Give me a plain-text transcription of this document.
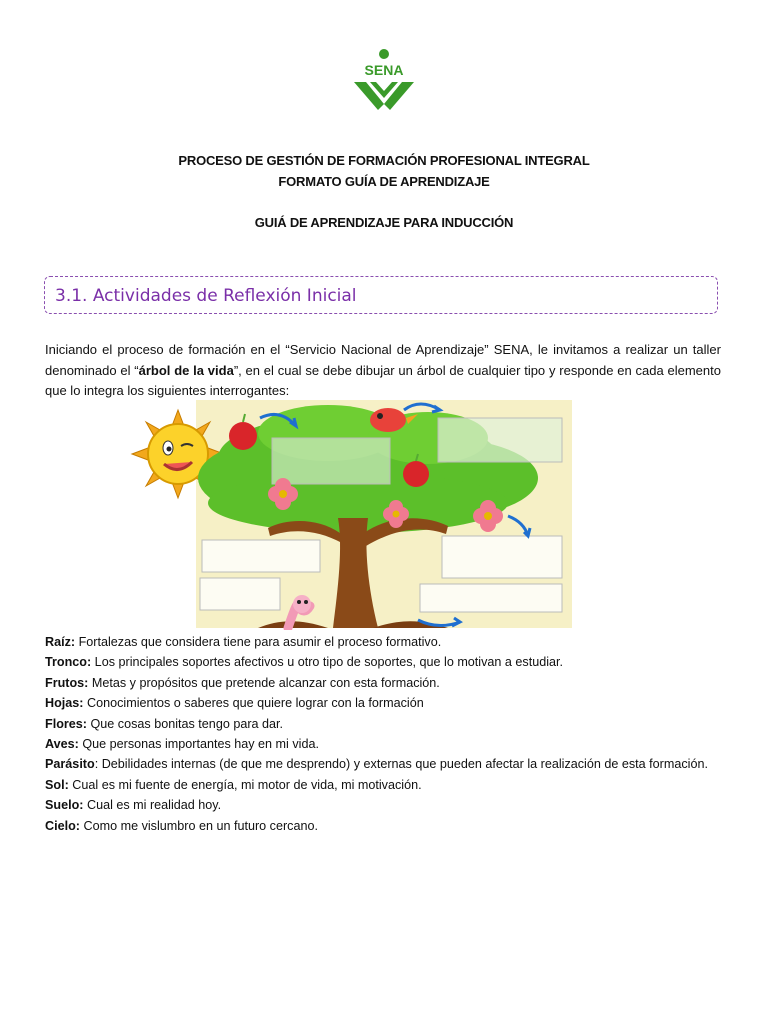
SENA
PROCESO DE GESTIÓN DE FORMACIÓN PROFESIONAL INTEGRAL
FORMATO GUÍA DE APRENDIZAJE
GUIÁ DE APRENDIZAJE PARA INDUCCIÓN
3.1. Actividades de Reflexión Inicial
Iniciando el proceso de formación en el “Servicio Nacional de Aprendizaje” SENA, le invitamos a realizar un taller denominado el “árbol de la vida”, en el cual se debe dibujar un árbol de cualquier tipo y responde en cada elemento que lo integra los siguientes interrogantes:
Raíz: Fortalezas que considera tiene para asumir el proceso formativo.
Tronco: Los principales soportes afectivos u otro tipo de soportes, que lo motivan a estudiar.
Frutos: Metas y propósitos que pretende alcanzar con esta formación.
Hojas: Conocimientos o saberes que quiere lograr con la formación
Flores: Que cosas bonitas tengo para dar.
Aves: Que personas importantes hay en mi vida.
Parásito: Debilidades internas (de que me desprendo) y externas que pueden afectar la realización de esta formación.
Sol: Cual es mi fuente de energía, mi motor de vida, mi motivación.
Suelo: Cual es mi realidad hoy.
Cielo: Como me vislumbro en un futuro cercano.
